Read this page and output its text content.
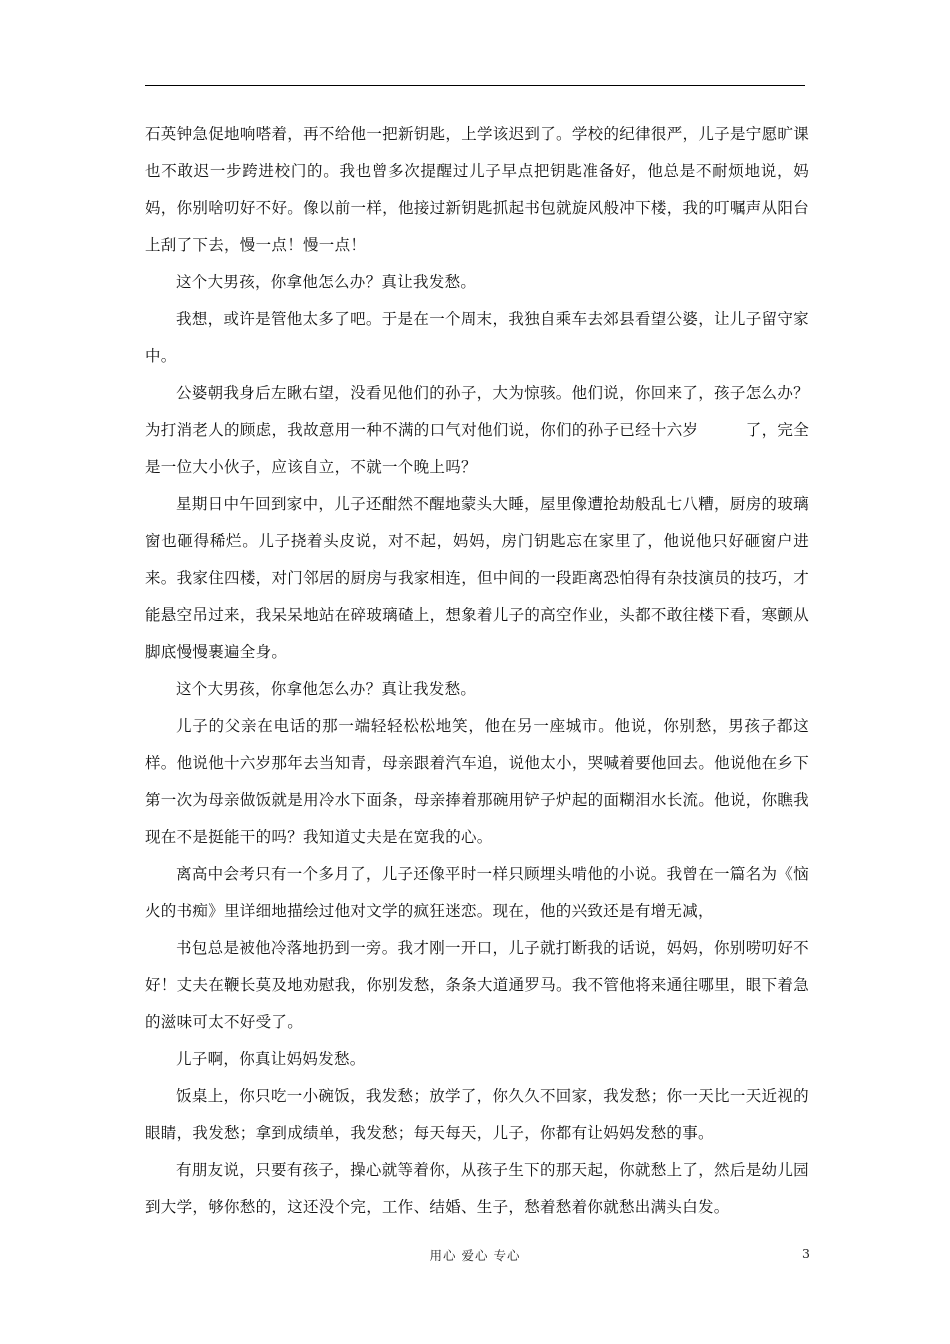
石英钟急促地响嗒着，再不给他一把新钥匙，上学该迟到了。学校的纪律很严，儿子是宁愿旷课也不敢迟一步跨进校门的。我也曾多次提醒过儿子早点把钥匙准备好，他总是不耐烦地说，妈妈，你别啥叨好不好。像以前一样，他接过新钥匙抓起书包就旋风般冲下楼，我的叮嘱声从阳台上刮了下去，慢一点！慢一点！

这个大男孩，你拿他怎么办？真让我发愁。

我想，或许是管他太多了吧。于是在一个周末，我独自乘车去郊县看望公婆，让儿子留守家中。

公婆朝我身后左瞅右望，没看见他们的孙子，大为惊骇。他们说，你回来了，孩子怎么办？为打消老人的顾虑，我故意用一种不满的口气对他们说，你们的孙子已经十六岁　　　了，完全是一位大小伙子，应该自立，不就一个晚上吗？

星期日中午回到家中，儿子还酣然不醒地蒙头大睡，屋里像遭抢劫般乱七八糟，厨房的玻璃窗也砸得稀烂。儿子挠着头皮说，对不起，妈妈，房门钥匙忘在家里了，他说他只好砸窗户进来。我家住四楼，对门邻居的厨房与我家相连，但中间的一段距离恐怕得有杂技演员的技巧，才能悬空吊过来，我呆呆地站在碎玻璃碴上，想象着儿子的高空作业，头都不敢往楼下看，寒颤从脚底慢慢裹遍全身。

这个大男孩，你拿他怎么办？真让我发愁。

儿子的父亲在电话的那一端轻轻松松地笑，他在另一座城市。他说，你别愁，男孩子都这样。他说他十六岁那年去当知青，母亲跟着汽车追，说他太小，哭喊着要他回去。他说他在乡下第一次为母亲做饭就是用冷水下面条，母亲捧着那碗用铲子炉起的面糊泪水长流。他说，你瞧我现在不是挺能干的吗？我知道丈夫是在宽我的心。

离高中会考只有一个多月了，儿子还像平时一样只顾埋头啃他的小说。我曾在一篇名为《恼火的书痴》里详细地描绘过他对文学的疯狂迷恋。现在，他的兴致还是有增无减，

书包总是被他冷落地扔到一旁。我才刚一开口，儿子就打断我的话说，妈妈，你别唠叨好不好！丈夫在鞭长莫及地劝慰我，你别发愁，条条大道通罗马。我不管他将来通往哪里，眼下着急的滋味可太不好受了。

儿子啊，你真让妈妈发愁。

饭桌上，你只吃一小碗饭，我发愁；放学了，你久久不回家，我发愁；你一天比一天近视的眼睛，我发愁；拿到成绩单，我发愁；每天每天，儿子，你都有让妈妈发愁的事。

有朋友说，只要有孩子，操心就等着你，从孩子生下的那天起，你就愁上了，然后是幼儿园到大学，够你愁的，这还没个完，工作、结婚、生子，愁着愁着你就愁出满头白发。

用心 爱心 专心	3
